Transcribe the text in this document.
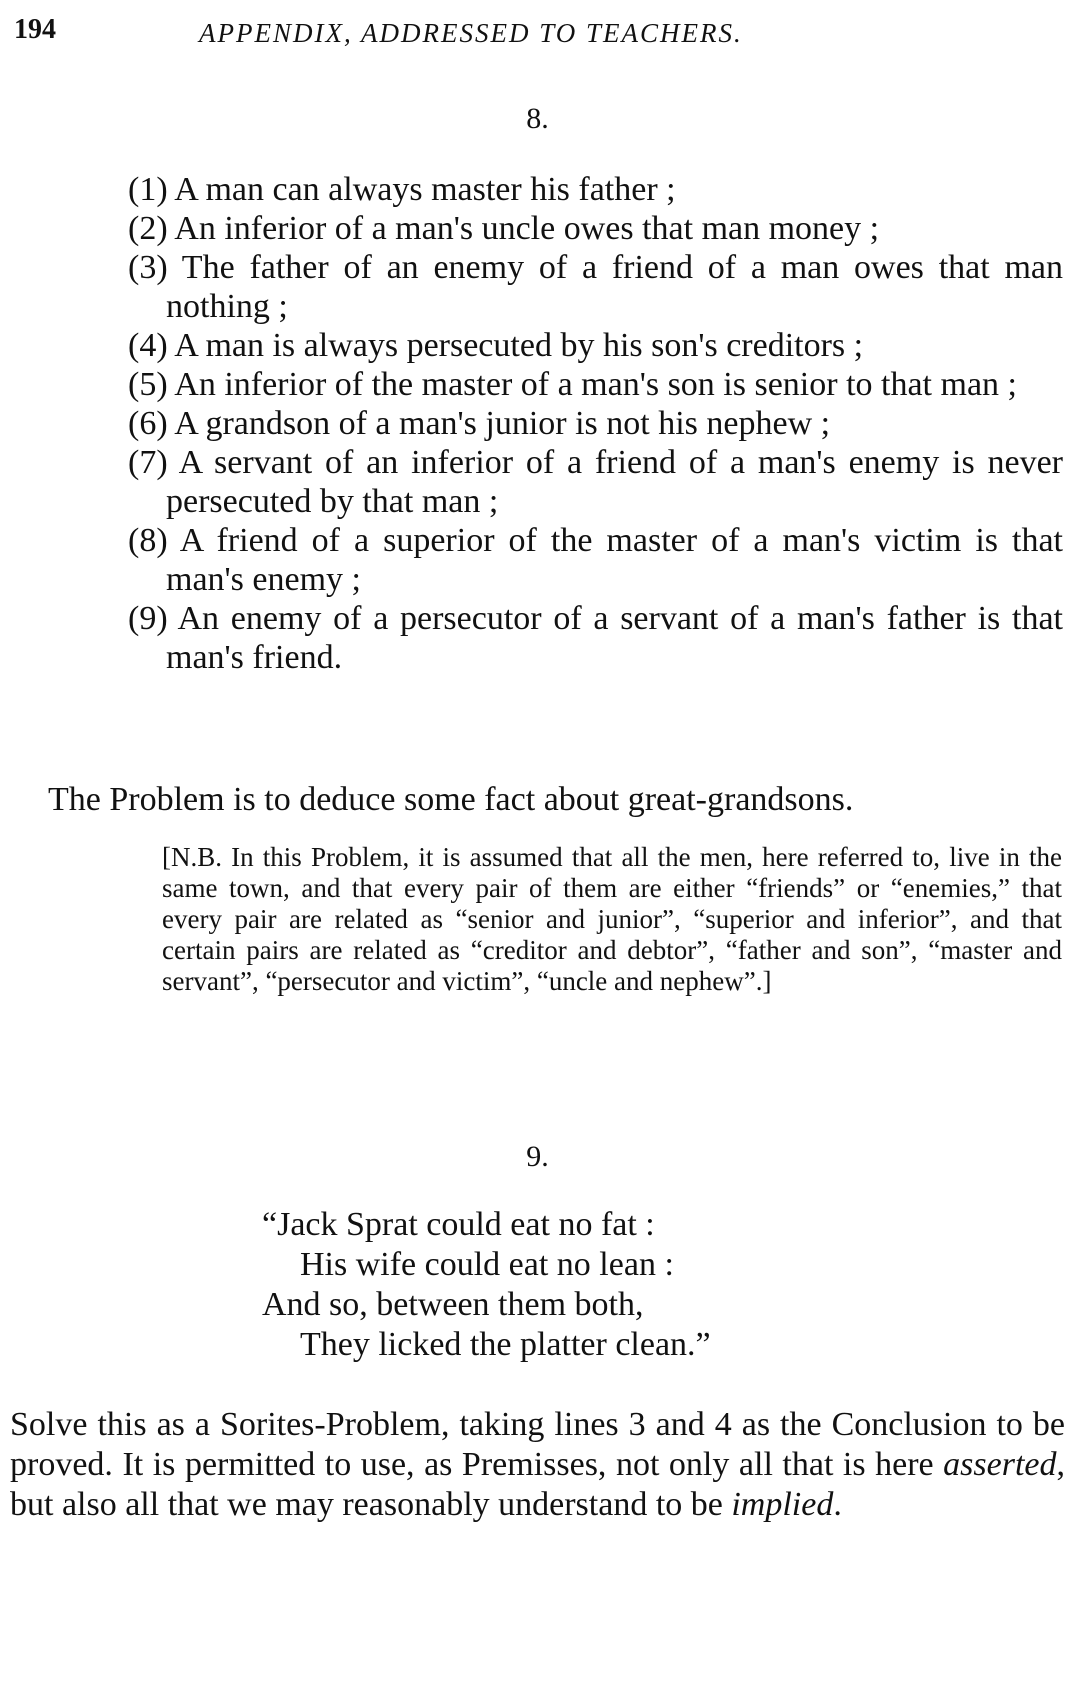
194	APPENDIX, ADDRESSED TO TEACHERS.
8.
(1) A man can always master his father ;
(2) An inferior of a man's uncle owes that man money ;
(3) The father of an enemy of a friend of a man owes that man nothing ;
(4) A man is always persecuted by his son's creditors ;
(5) An inferior of the master of a man's son is senior to that man ;
(6) A grandson of a man's junior is not his nephew ;
(7) A servant of an inferior of a friend of a man's enemy is never persecuted by that man ;
(8) A friend of a superior of the master of a man's victim is that man's enemy ;
(9) An enemy of a persecutor of a servant of a man's father is that man's friend.
The Problem is to deduce some fact about great-grandsons.
[N.B. In this Problem, it is assumed that all the men, here referred to, live in the same town, and that every pair of them are either “friends” or “enemies,” that every pair are related as “senior and junior”, “superior and inferior”, and that certain pairs are related as “creditor and debtor”, “father and son”, “master and servant”, “persecutor and victim”, “uncle and nephew”.]
9.
“Jack Sprat could eat no fat :
His wife could eat no lean :
And so, between them both,
They licked the platter clean.”
Solve this as a Sorites-Problem, taking lines 3 and 4 as the Conclusion to be proved. It is permitted to use, as Premisses, not only all that is here asserted, but also all that we may reasonably understand to be implied.
